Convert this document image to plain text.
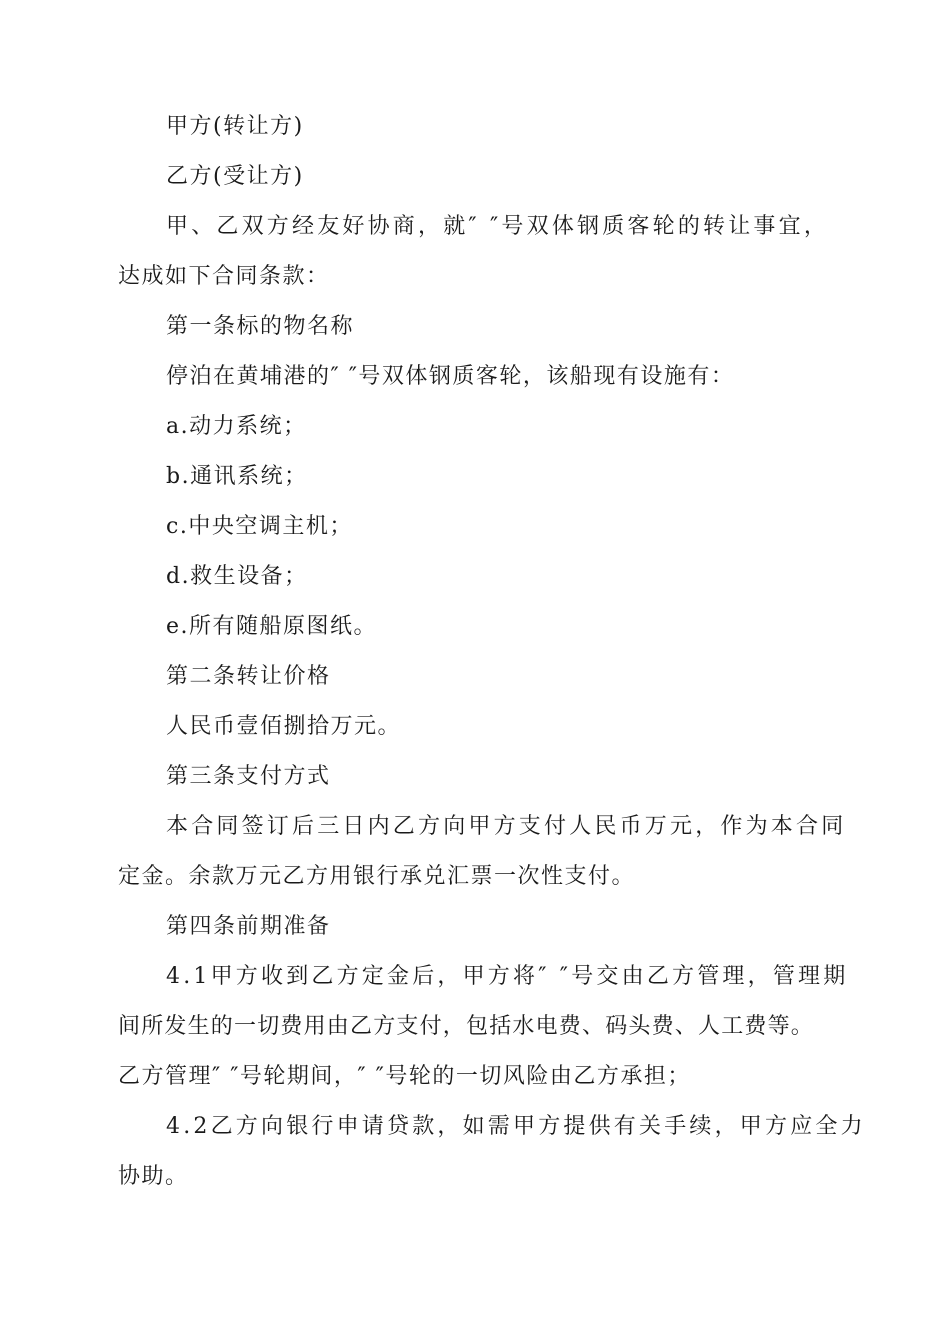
甲方(转让方)
乙方(受让方)
甲、乙双方经友好协商，就″ ″号双体钢质客轮的转让事宜，
达成如下合同条款：
第一条标的物名称
停泊在黄埔港的″ ″号双体钢质客轮，该船现有设施有：
a.动力系统；
b.通讯系统；
c.中央空调主机；
d.救生设备；
e.所有随船原图纸。
第二条转让价格
人民币壹佰捌拾万元。
第三条支付方式
本合同签订后三日内乙方向甲方支付人民币万元，作为本合同
定金。余款万元乙方用银行承兑汇票一次性支付。
第四条前期准备
4.1甲方收到乙方定金后，甲方将″ ″号交由乙方管理，管理期
间所发生的一切费用由乙方支付，包括水电费、码头费、人工费等。
乙方管理″ ″号轮期间，″ ″号轮的一切风险由乙方承担；
4.2乙方向银行申请贷款，如需甲方提供有关手续，甲方应全力
协助。
